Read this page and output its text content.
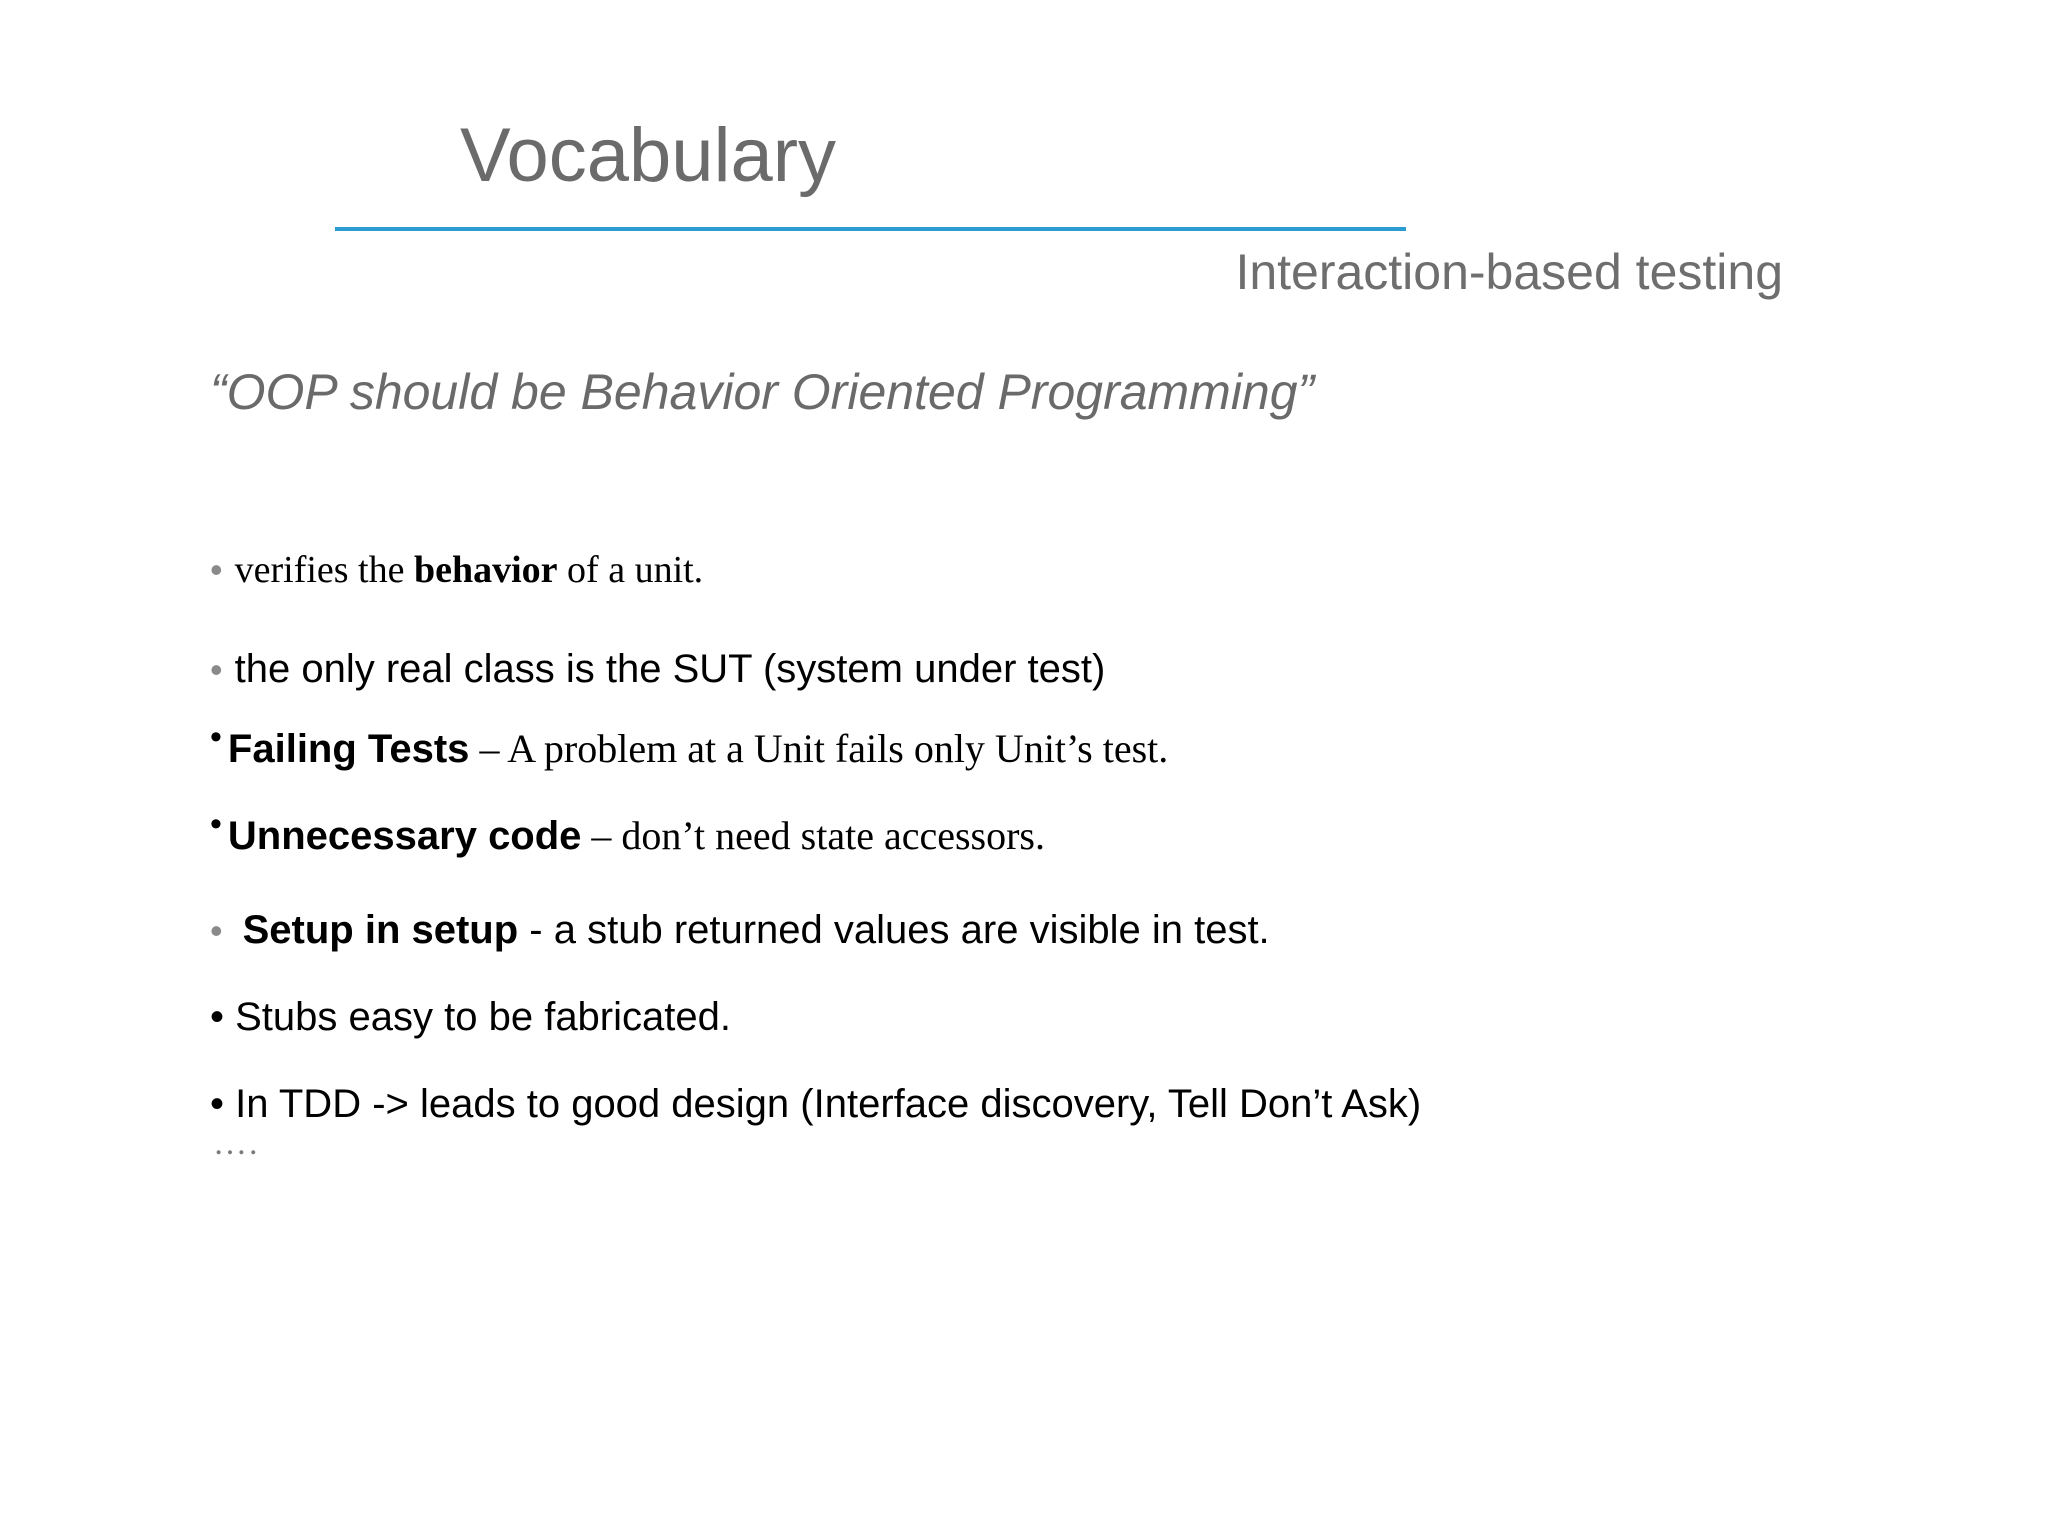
Vocabulary
Interaction-based testing
“OOP should be Behavior Oriented Programming”
• verifies the behavior of a unit.
• the only real class is the SUT (system under test)
• Failing Tests – A problem at a Unit fails only Unit’s test.
• Unnecessary code – don’t need state accessors.
• Setup in setup - a stub returned values are visible in test.
• Stubs easy to be fabricated.
• In TDD -> leads to good design (Interface discovery, Tell Don’t Ask)
….
